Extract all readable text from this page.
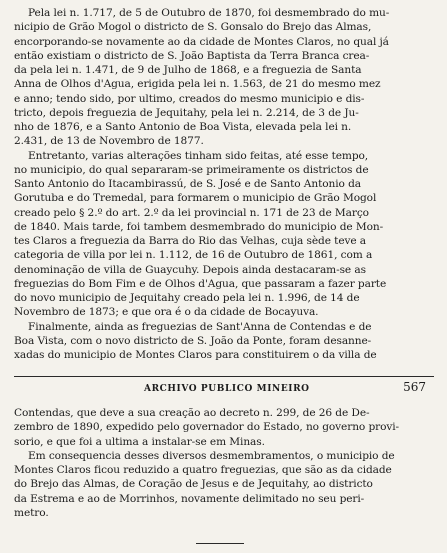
Pela lei n. 1.717, de 5 de Outubro de 1870, foi desmembrado do mu-
nicipio de Grão Mogol o districto de S. Gonsalo do Brejo das Almas,
encorporando-se novamente ao da cidade de Montes Claros, no qual já
então existiam o districto de S. João Baptista da Terra Branca crea-
da pela lei n. 1.471, de 9 de Julho de 1868, e a freguezia de Santa
Anna de Olhos d'Agua, erigida pela lei n. 1.563, de 21 do mesmo mez
e anno; tendo sido, por ultimo, creados do mesmo municipio e dis-
tricto, depois freguezia de Jequitahy, pela lei n. 2.214, de 3 de Ju-
nho de 1876, e a Santo Antonio de Boa Vista, elevada pela lei n.
2.431, de 13 de Novembro de 1877.

Entretanto, varias alterações tinham sido feitas, até esse tempo,
no municipio, do qual separaram-se primeiramente os districtos de
Santo Antonio do Itacambirassú, de S. José e de Santo Antonio da
Gorutuba e do Tremedal, para formarem o municipio de Grão Mogol
creado pelo § 2.º do art. 2.º da lei provincial n. 171 de 23 de Março
de 1840. Mais tarde, foi tambem desmembrado do municipio de Mon-
tes Claros a freguezia da Barra do Rio das Velhas, cuja sède teve a
categoria de villa por lei n. 1.112, de 16 de Outubro de 1861, com a
denominação de villa de Guaycuhy. Depois ainda destacaram-se as
freguezias do Bom Fim e de Olhos d'Agua, que passaram a fazer parte
do novo municipio de Jequitahy creado pela lei n. 1.996, de 14 de
Novembro de 1873; e que ora é o da cidade de Bocayuva.

Finalmente, ainda as freguezias de Sant'Anna de Contendas e de
Boa Vista, com o novo districto de S. João da Ponte, foram desanne-
xadas do municipio de Montes Claros para constituirem o da villa de

ARCHIVO PUBLICO MINEIRO	567

Contendas, que deve a sua creação ao decreto n. 299, de 26 de De-
zembro de 1890, expedido pelo governador do Estado, no governo provi-
sorio, e que foi a ultima a instalar-se em Minas.

Em consequencia desses diversos desmembramentos, o municipio de
Montes Claros ficou reduzido a quatro freguezias, que são as da cidade
do Brejo das Almas, de Coração de Jesus e de Jequitahy, ao districto
da Estrema e ao de Morrinhos, novamente delimitado no seu peri-
metro.
